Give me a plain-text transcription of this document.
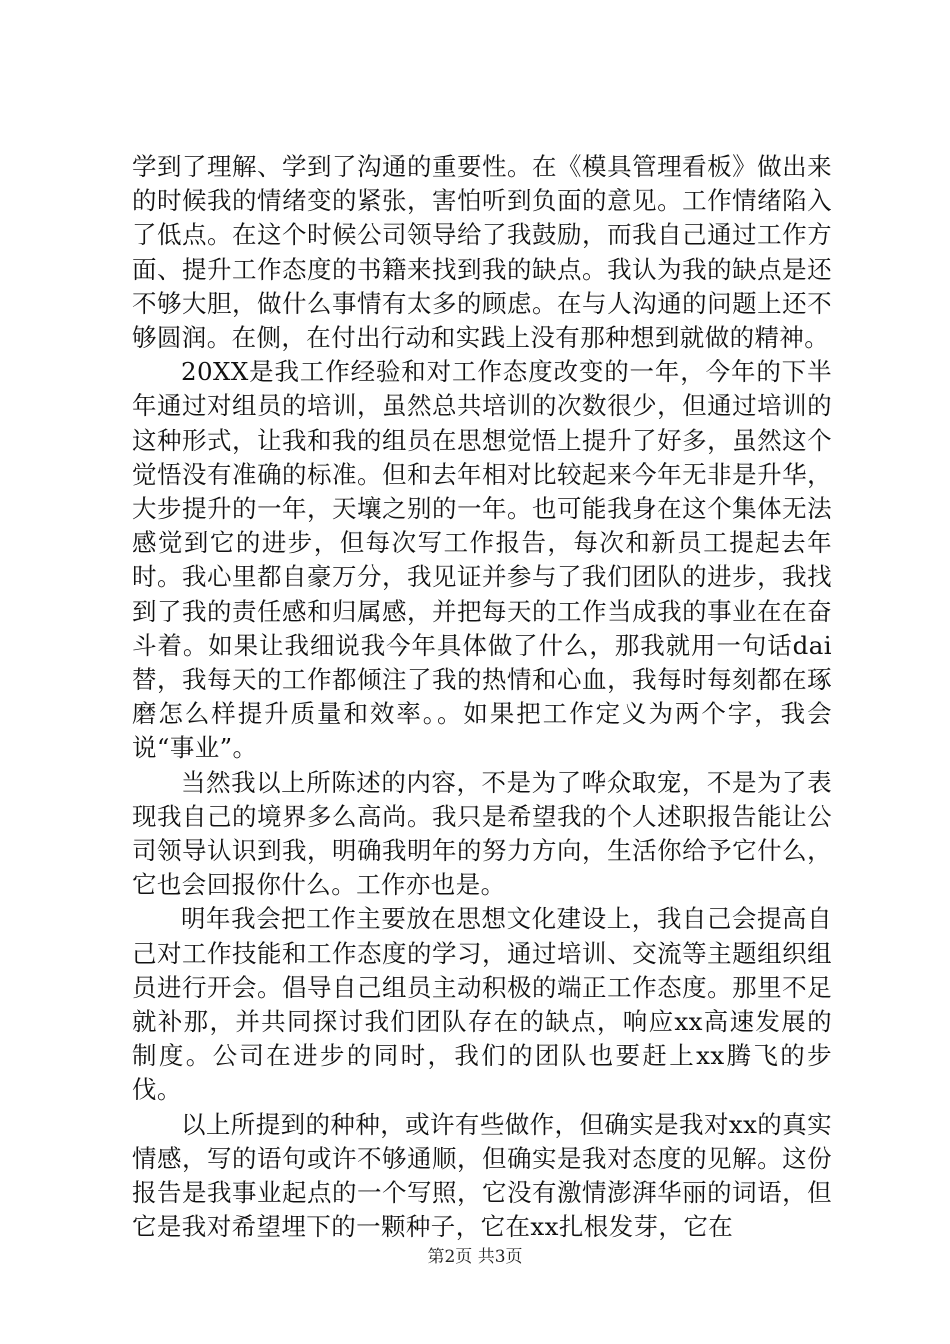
学到了理解、学到了沟通的重要性。在《模具管理看板》做出来的时候我的情绪变的紧张，害怕听到负面的意见。工作情绪陷入了低点。在这个时候公司领导给了我鼓励，而我自己通过工作方面、提升工作态度的书籍来找到我的缺点。我认为我的缺点是还不够大胆，做什么事情有太多的顾虑。在与人沟通的问题上还不够圆润。在侧，在付出行动和实践上没有那种想到就做的精神。

20XX是我工作经验和对工作态度改变的一年，今年的下半年通过对组员的培训，虽然总共培训的次数很少，但通过培训的这种形式，让我和我的组员在思想觉悟上提升了好多，虽然这个觉悟没有准确的标准。但和去年相对比较起来今年无非是升华，大步提升的一年，天壤之别的一年。也可能我身在这个集体无法感觉到它的进步，但每次写工作报告，每次和新员工提起去年时。我心里都自豪万分，我见证并参与了我们团队的进步，我找到了我的责任感和归属感，并把每天的工作当成我的事业在在奋斗着。如果让我细说我今年具体做了什么，那我就用一句话dai替，我每天的工作都倾注了我的热情和心血，我每时每刻都在琢磨怎么样提升质量和效率。。如果把工作定义为两个字，我会说“事业”。

当然我以上所陈述的内容，不是为了哗众取宠，不是为了表现我自己的境界多么高尚。我只是希望我的个人述职报告能让公司领导认识到我，明确我明年的努力方向，生活你给予它什么，它也会回报你什么。工作亦也是。

明年我会把工作主要放在思想文化建设上，我自己会提高自己对工作技能和工作态度的学习，通过培训、交流等主题组织组员进行开会。倡导自己组员主动积极的端正工作态度。那里不足就补那，并共同探讨我们团队存在的缺点，响应xx高速发展的制度。公司在进步的同时，我们的团队也要赶上xx腾飞的步伐。

以上所提到的种种，或许有些做作，但确实是我对xx的真实情感，写的语句或许不够通顺，但确实是我对态度的见解。这份报告是我事业起点的一个写照，它没有激情澎湃华丽的词语，但它是我对希望埋下的一颗种子，它在xx扎根发芽，它在

第2页 共3页
